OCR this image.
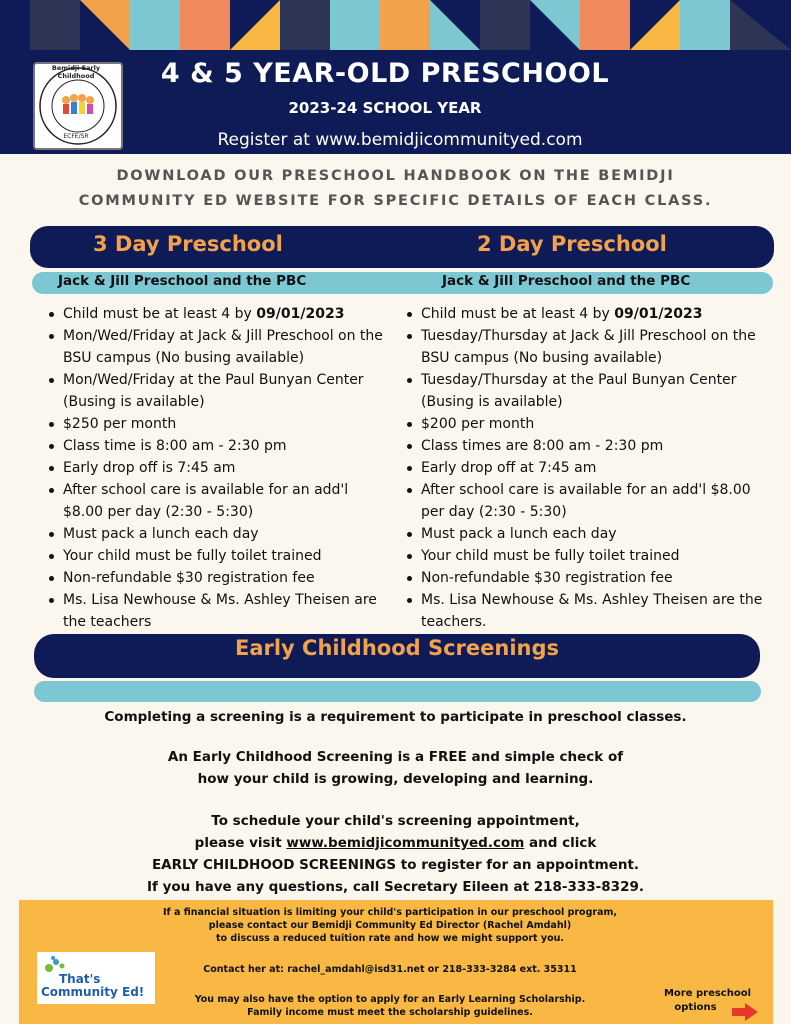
Bemidji Early Childhood
ECFE/SR
4 & 5 YEAR-OLD PRESCHOOL
2023-24 SCHOOL YEAR
Register at www.bemidjicommunityed.com
DOWNLOAD OUR PRESCHOOL HANDBOOK ON THE BEMIDJI
COMMUNITY ED WEBSITE FOR SPECIFIC DETAILS OF EACH CLASS.
3 Day Preschool	2 Day Preschool
Jack & Jill Preschool and the PBC	Jack & Jill Preschool and the PBC
Child must be at least 4 by 09/01/2023
Mon/Wed/Friday at Jack & Jill Preschool on the BSU campus (No busing available)
Mon/Wed/Friday at the Paul Bunyan Center (Busing is available)
$250 per month
Class time is 8:00 am - 2:30 pm
Early drop off is 7:45 am
After school care is available for an add'l $8.00 per day (2:30 - 5:30)
Must pack a lunch each day
Your child must be fully toilet trained
Non-refundable $30 registration fee
Ms. Lisa Newhouse & Ms. Ashley Theisen are the teachers
Child must be at least 4 by 09/01/2023
Tuesday/Thursday at Jack & Jill Preschool on the BSU campus (No busing available)
Tuesday/Thursday at the Paul Bunyan Center (Busing is available)
$200 per month
Class times are 8:00 am - 2:30 pm
Early drop off at 7:45 am
After school care is available for an add'l $8.00 per day (2:30 - 5:30)
Must pack a lunch each day
Your child must be fully toilet trained
Non-refundable $30 registration fee
Ms. Lisa Newhouse & Ms. Ashley Theisen are the teachers.
Early Childhood Screenings
Completing a screening is a requirement to participate in preschool classes.
An Early Childhood Screening is a FREE and simple check of
how your child is growing, developing and learning.
To schedule your child's screening appointment,
please visit www.bemidjicommunityed.com and click
EARLY CHILDHOOD SCREENINGS to register for an appointment.
If you have any questions, call Secretary Eileen at 218-333-8329.
If a financial situation is limiting your child's participation in our preschool program,
please contact our Bemidji Community Ed Director (Rachel Amdahl)
to discuss a reduced tuition rate and how we might support you.
Contact her at: rachel_amdahl@isd31.net or 218-333-3284 ext. 35311
You may also have the option to apply for an Early Learning Scholarship.
Family income must meet the scholarship guidelines.
That's
Community Ed!	More preschool
options
